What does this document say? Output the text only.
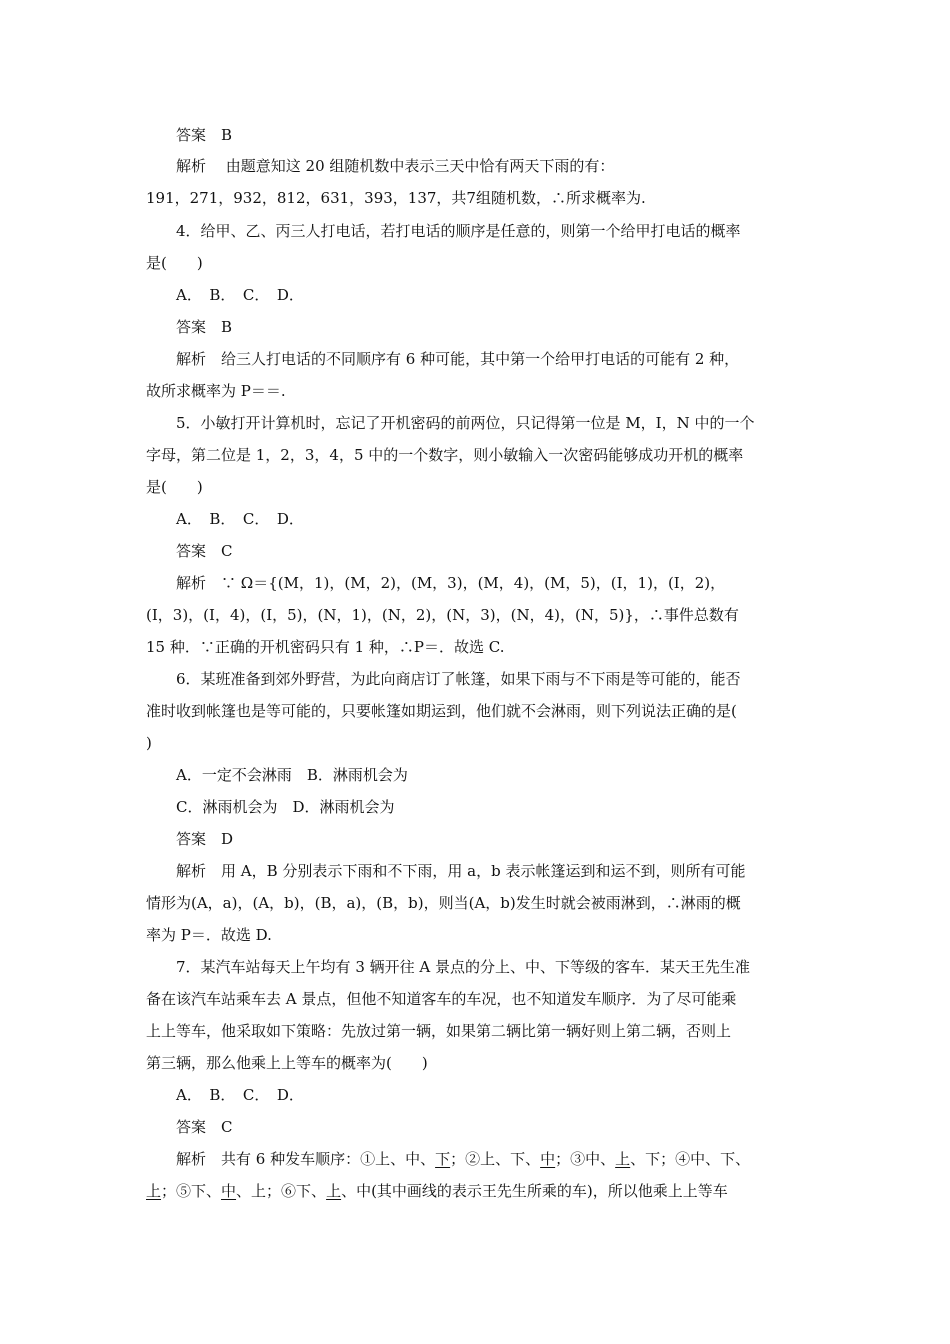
答案　B
解析　 由题意知这 20 组随机数中表示三天中恰有两天下雨的有：
191，271，932，812，631，393，137，共7组随机数，∴所求概率为.
4．给甲、乙、丙三人打电话，若打电话的顺序是任意的，则第一个给甲打电话的概率
是(　　)
A．　B．　C．　D．
答案　B
解析　给三人打电话的不同顺序有 6 种可能，其中第一个给甲打电话的可能有 2 种，
故所求概率为 P＝＝.
5．小敏打开计算机时，忘记了开机密码的前两位，只记得第一位是 M，I，N 中的一个
字母，第二位是 1，2，3，4，5 中的一个数字，则小敏输入一次密码能够成功开机的概率
是(　　)
A．　B．　C．　D．
答案　C
解析　∵ Ω＝{(M，1)，(M，2)，(M，3)，(M，4)，(M，5)，(I，1)，(I，2)，
(I，3)，(I，4)，(I，5)，(N，1)，(N，2)，(N，3)，(N，4)，(N，5)}，∴事件总数有
15 种．∵正确的开机密码只有 1 种，∴P＝．故选 C.
6．某班准备到郊外野营，为此向商店订了帐篷，如果下雨与不下雨是等可能的，能否
准时收到帐篷也是等可能的，只要帐篷如期运到，他们就不会淋雨，则下列说法正确的是(
)
A．一定不会淋雨　B．淋雨机会为
C．淋雨机会为　D．淋雨机会为
答案　D
解析　用 A，B 分别表示下雨和不下雨，用 a，b 表示帐篷运到和运不到，则所有可能
情形为(A，a)，(A，b)，(B，a)，(B，b)，则当(A，b)发生时就会被雨淋到，∴淋雨的概
率为 P＝．故选 D.
7．某汽车站每天上午均有 3 辆开往 A 景点的分上、中、下等级的客车．某天王先生准
备在该汽车站乘车去 A 景点，但他不知道客车的车况，也不知道发车顺序．为了尽可能乘
上上等车，他采取如下策略：先放过第一辆，如果第二辆比第一辆好则上第二辆，否则上
第三辆，那么他乘上上等车的概率为(　　)
A．　B．　C．　D．
答案　C
解析　共有 6 种发车顺序：①上、中、下；②上、下、中；③中、上、下；④中、下、
上；⑤下、中、上；⑥下、上、中(其中画线的表示王先生所乘的车)，所以他乘上上等车
